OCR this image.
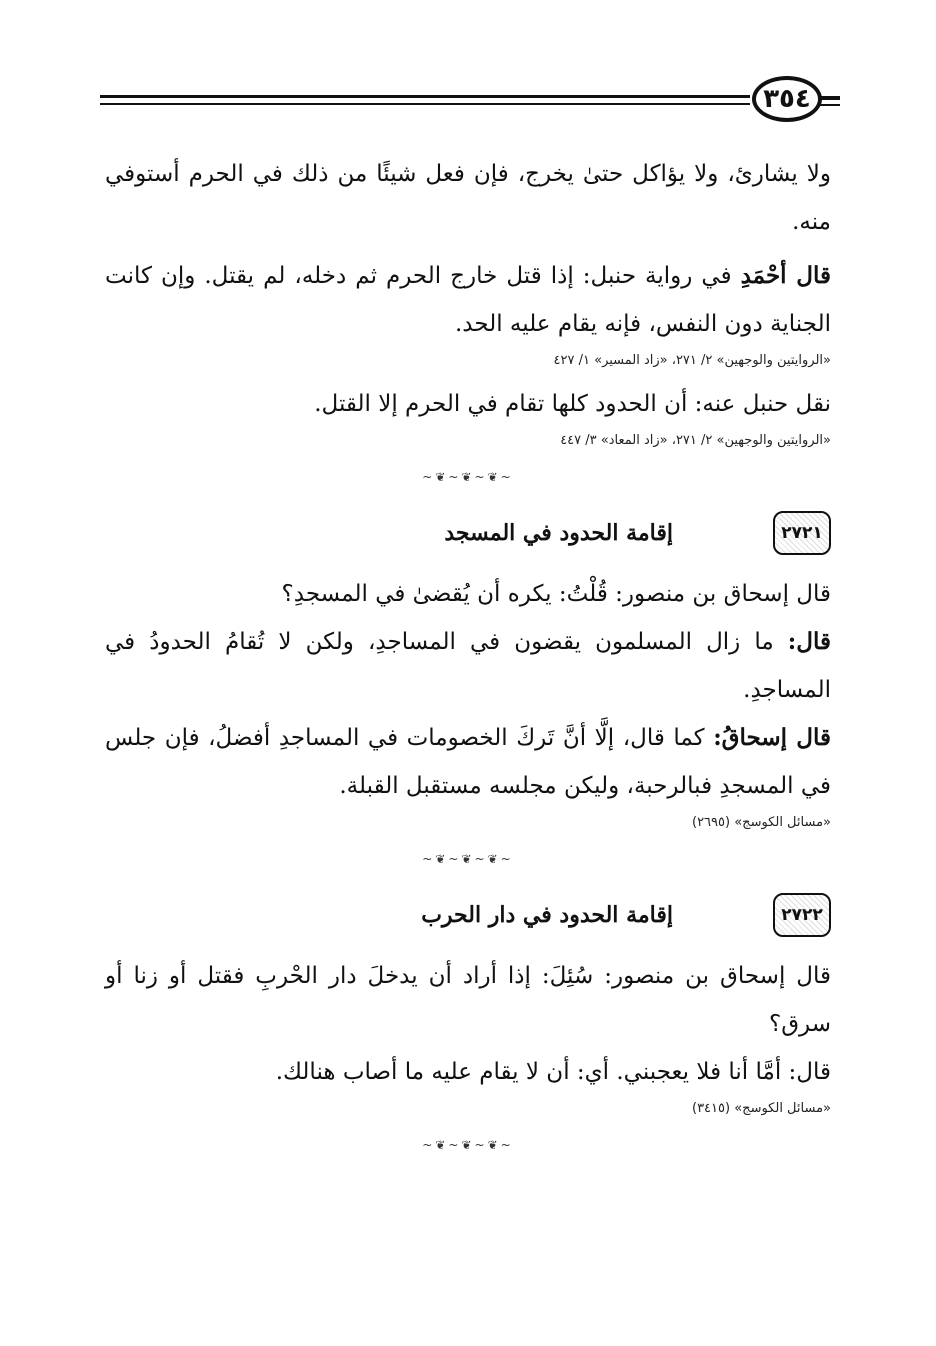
٣٥٤

ولا يشارئ، ولا يؤاكل حتىٰ يخرج، فإن فعل شيئًا من ذلك في الحرم أستوفي منه.

قال أحْمَدِ في رواية حنبل: إذا قتل خارج الحرم ثم دخله، لم يقتل. وإن كانت الجناية دون النفس، فإنه يقام عليه الحد.

«الروايتين والوجهين» ٢/ ٢٧١، «زاد المسير» ١/ ٤٢٧

نقل حنبل عنه: أن الحدود كلها تقام في الحرم إلا القتل.

«الروايتين والوجهين» ٢/ ٢٧١، «زاد المعاد» ٣/ ٤٤٧
~❦~❦~❦~
٢٧٢١
إقامة الحدود في المسجد

قال إسحاق بن منصور: قُلْتُ: يكره أن يُقضىٰ في المسجدِ؟

قال: ما زال المسلمون يقضون في المساجدِ، ولكن لا تُقامُ الحدودُ في المساجدِ.

قال إسحاقُ: كما قال، إلَّا أنَّ تَركَ الخصومات في المساجدِ أفضلُ، فإن جلس في المسجدِ فبالرحبة، وليكن مجلسه مستقبل القبلة.

«مسائل الكوسج» (٢٦٩٥)
~❦~❦~❦~
٢٧٢٢
إقامة الحدود في دار الحرب

قال إسحاق بن منصور: سُئِلَ: إذا أراد أن يدخلَ دار الحْربِ فقتل أو زنا أو سرق؟

قال: أمَّا أنا فلا يعجبني. أي: أن لا يقام عليه ما أصاب هنالك.

«مسائل الكوسج» (٣٤١٥)
~❦~❦~❦~
